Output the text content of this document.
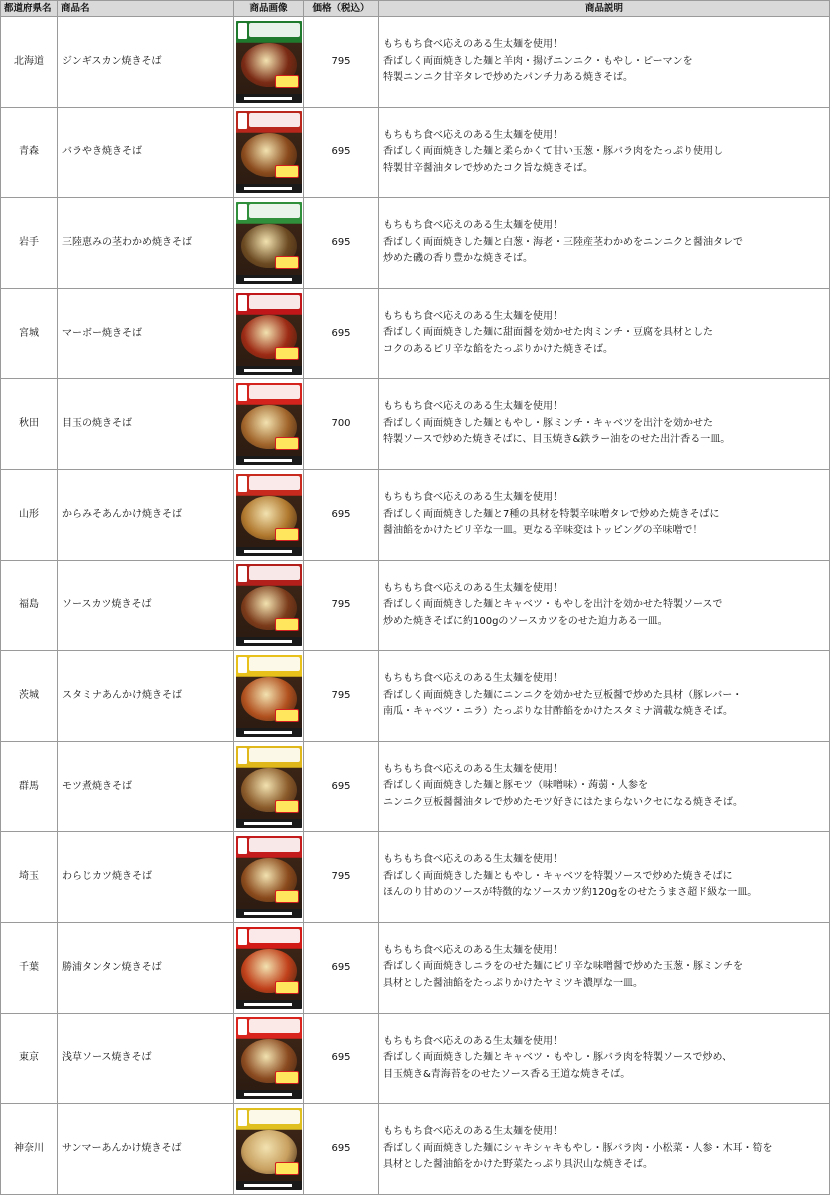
都道府県名	商品名	商品画像	価格（税込）	商品説明
北海道	ジンギスカン焼きそば		795	もちもち食べ応えのある生太麺を使用！
香ばしく両面焼きした麺と羊肉・揚げニンニク・もやし・ピーマンを
特製ニンニク甘辛タレで炒めたパンチ力ある焼きそば。

青森	バラやき焼きそば		695	もちもち食べ応えのある生太麺を使用！
香ばしく両面焼きした麺と柔らかくて甘い玉葱・豚バラ肉をたっぷり使用し
特製甘辛醤油タレで炒めたコク旨な焼きそば。

岩手	三陸恵みの茎わかめ焼きそば		695	もちもち食べ応えのある生太麺を使用！
香ばしく両面焼きした麺と白葱・海老・三陸産茎わかめをニンニクと醤油タレで
炒めた磯の香り豊かな焼きそば。

宮城	マーボー焼きそば		695	もちもち食べ応えのある生太麺を使用！
香ばしく両面焼きした麺に甜面醤を効かせた肉ミンチ・豆腐を具材とした
コクのあるピリ辛な餡をたっぷりかけた焼きそば。

秋田	目玉の焼きそば		700	もちもち食べ応えのある生太麺を使用！
香ばしく両面焼きした麺ともやし・豚ミンチ・キャベツを出汁を効かせた
特製ソースで炒めた焼きそばに、目玉焼き&鉄ラー油をのせた出汁香る一皿。

山形	からみそあんかけ焼きそば		695	もちもち食べ応えのある生太麺を使用！
香ばしく両面焼きした麺と7種の具材を特製辛味噌タレで炒めた焼きそばに
醤油餡をかけたピリ辛な一皿。更なる辛味変はトッピングの辛味噌で！

福島	ソースカツ焼きそば		795	もちもち食べ応えのある生太麺を使用！
香ばしく両面焼きした麺とキャベツ・もやしを出汁を効かせた特製ソースで
炒めた焼きそばに約100gのソースカツをのせた迫力ある一皿。

茨城	スタミナあんかけ焼きそば		795	もちもち食べ応えのある生太麺を使用！
香ばしく両面焼きした麺にニンニクを効かせた豆板醤で炒めた具材（豚レバー・
南瓜・キャベツ・ニラ）たっぷりな甘酢餡をかけたスタミナ満載な焼きそば。

群馬	モツ煮焼きそば		695	もちもち食べ応えのある生太麺を使用！
香ばしく両面焼きした麺と豚モツ（味噌味）・蒟蒻・人参を
ニンニク豆板醤醤油タレで炒めたモツ好きにはたまらないクセになる焼きそば。

埼玉	わらじカツ焼きそば		795	もちもち食べ応えのある生太麺を使用！
香ばしく両面焼きした麺ともやし・キャベツを特製ソースで炒めた焼きそばに
ほんのり甘めのソースが特徴的なソースカツ約120gをのせたうまさ超ド級な一皿。

千葉	勝浦タンタン焼きそば		695	もちもち食べ応えのある生太麺を使用！
香ばしく両面焼きしニラをのせた麺にピリ辛な味噌醤で炒めた玉葱・豚ミンチを
具材とした醤油餡をたっぷりかけたヤミツキ濃厚な一皿。

東京	浅草ソース焼きそば		695	もちもち食べ応えのある生太麺を使用！
香ばしく両面焼きした麺とキャベツ・もやし・豚バラ肉を特製ソースで炒め、
目玉焼き&青海苔をのせたソース香る王道な焼きそば。

神奈川	サンマーあんかけ焼きそば		695	もちもち食べ応えのある生太麺を使用！
香ばしく両面焼きした麺にシャキシャキもやし・豚バラ肉・小松菜・人参・木耳・筍を
具材とした醤油餡をかけた野菜たっぷり具沢山な焼きそば。
